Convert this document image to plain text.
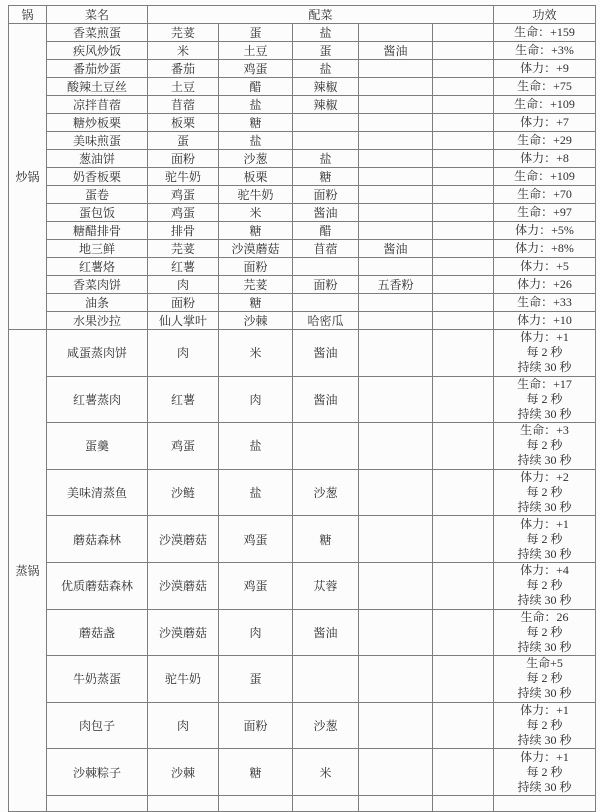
锅	菜名	配菜					功效
炒锅	香菜煎蛋	芫荽	蛋	盐			生命：+159

	疾风炒饭	米	土豆	蛋	酱油		生命：+3%

	番茄炒蛋	番茄	鸡蛋	盐			体力：+9

	酸辣土豆丝	土豆	醋	辣椒			生命：+75

	凉拌苜蓿	苜蓿	盐	辣椒			生命：+109

	糖炒板栗	板栗	糖				体力：+7

	美味煎蛋	蛋	盐				生命：+29

	葱油饼	面粉	沙葱	盐			体力：+8

	奶香板栗	驼牛奶	板栗	糖			生命：+109

	蛋卷	鸡蛋	驼牛奶	面粉			生命：+70

	蛋包饭	鸡蛋	米	酱油			生命：+97

	糖醋排骨	排骨	糖	醋			体力：+5%

	地三鲜	芫荽	沙漠蘑菇	苜蓿	酱油		体力：+8%

	红薯烙	红薯	面粉				体力：+5

	香菜肉饼	肉	芫荽	面粉	五香粉		体力：+26

	油条	面粉	糖				生命：+33

	水果沙拉	仙人掌叶	沙棘	哈密瓜			体力：+10

蒸锅	咸蛋蒸肉饼	肉	米	酱油			体力：+1
每 2 秒
持续 30 秒

	红薯蒸肉	红薯	肉	酱油			生命：+17
每 2 秒
持续 30 秒

	蛋羹	鸡蛋	盐				生命：+3
每 2 秒
持续 30 秒

	美味清蒸鱼	沙鲢	盐	沙葱			体力：+2
每 2 秒
持续 30 秒

	蘑菇森林	沙漠蘑菇	鸡蛋	糖			体力：+1
每 2 秒
持续 30 秒

	优质蘑菇森林	沙漠蘑菇	鸡蛋	苁蓉			体力：+4
每 2 秒
持续 30 秒

	蘑菇盏	沙漠蘑菇	肉	酱油			生命：26
每 2 秒
持续 30 秒

	牛奶蒸蛋	驼牛奶	蛋				生命+5
每 2 秒
持续 30 秒

	肉包子	肉	面粉	沙葱			体力：+1
每 2 秒
持续 30 秒

	沙棘粽子	沙棘	糖	米			体力：+1
每 2 秒
持续 30 秒
